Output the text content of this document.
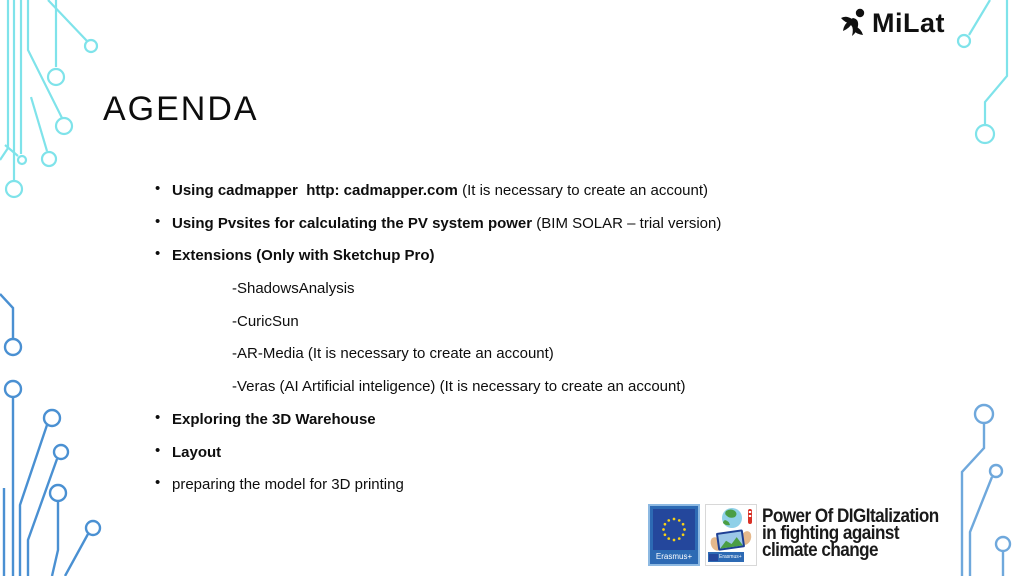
MiLat
AGENDA
• Using cadmapper  http: cadmapper.com (It is necessary to create an account)
• Using Pvsites for calculating the PV system power (BIM SOLAR – trial version)
• Extensions (Only with Sketchup Pro)
-ShadowsAnalysis
-CuricSun
-AR-Media (It is necessary to create an account)
-Veras (AI Artificial inteligence) (It is necessary to create an account)
• Exploring the 3D Warehouse
• Layout
• preparing the model for 3D printing
Erasmus+	Erasmus+
Power Of DIGItalization
in fighting against
climate change
